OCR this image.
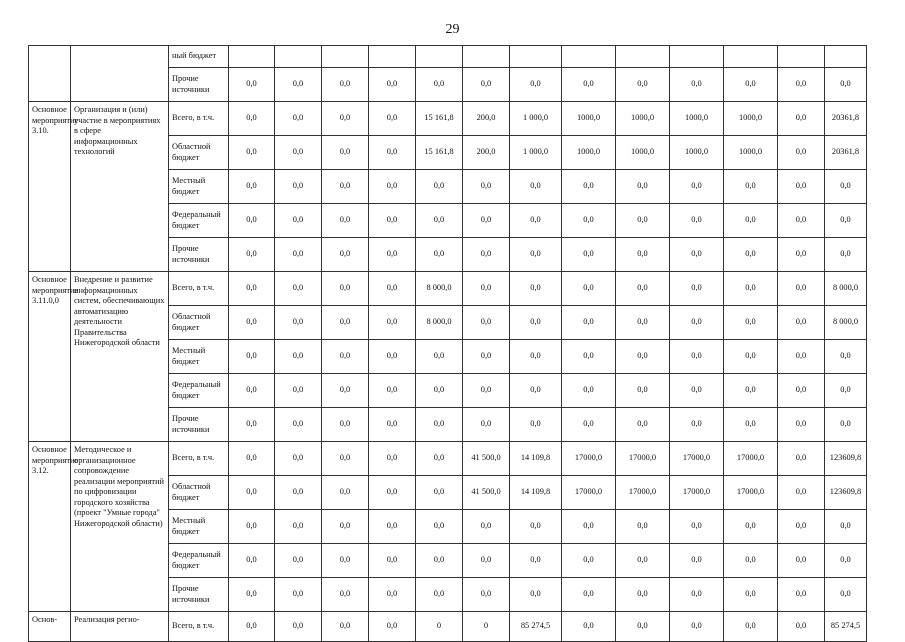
29
		ный бюджет													
		Прочие источники	0,0	0,0	0,0	0,0	0,0	0,0	0,0	0,0	0,0	0,0	0,0	0,0	0,0
Основное мероприятие 3.10.	Организация и (или) участие в мероприятиях в сфере информационных технологий	Всего, в т.ч.	0,0	0,0	0,0	0,0	15 161,8	200,0	1 000,0	1000,0	1000,0	1000,0	1000,0	0,0	20361,8
		Областной бюджет	0,0	0,0	0,0	0,0	15 161,8	200,0	1 000,0	1000,0	1000,0	1000,0	1000,0	0,0	20361,8
		Местный бюджет	0,0	0,0	0,0	0,0	0,0	0,0	0,0	0,0	0,0	0,0	0,0	0,0	0,0
		Федеральный бюджет	0,0	0,0	0,0	0,0	0,0	0,0	0,0	0,0	0,0	0,0	0,0	0,0	0,0
		Прочие источники	0,0	0,0	0,0	0,0	0,0	0,0	0,0	0,0	0,0	0,0	0,0	0,0	0,0
Основное мероприятие 3.11.0,0	Внедрение и развитие информационных систем, обеспечивающих автоматизацию деятельности Правительства Нижегородской области	Всего, в т.ч.	0,0	0,0	0,0	0,0	8 000,0	0,0	0,0	0,0	0,0	0,0	0,0	0,0	8 000,0
		Областной бюджет	0,0	0,0	0,0	0,0	8 000,0	0,0	0,0	0,0	0,0	0,0	0,0	0,0	8 000,0
		Местный бюджет	0,0	0,0	0,0	0,0	0,0	0,0	0,0	0,0	0,0	0,0	0,0	0,0	0,0
		Федеральный бюджет	0,0	0,0	0,0	0,0	0,0	0,0	0,0	0,0	0,0	0,0	0,0	0,0	0,0
		Прочие источники	0,0	0,0	0,0	0,0	0,0	0,0	0,0	0,0	0,0	0,0	0,0	0,0	0,0
Основное мероприятие 3.12.	Методическое и организационное сопровождение реализации мероприятий по цифровизации городского хозяйства (проект "Умные города" Нижегородской области)	Всего, в т.ч.	0,0	0,0	0,0	0,0	0,0	41 500,0	14 109,8	17000,0	17000,0	17000,0	17000,0	0,0	123609,8
		Областной бюджет	0,0	0,0	0,0	0,0	0,0	41 500,0	14 109,8	17000,0	17000,0	17000,0	17000,0	0,0	123609,8
		Местный бюджет	0,0	0,0	0,0	0,0	0,0	0,0	0,0	0,0	0,0	0,0	0,0	0,0	0,0
		Федеральный бюджет	0,0	0,0	0,0	0,0	0,0	0,0	0,0	0,0	0,0	0,0	0,0	0,0	0,0
		Прочие источники	0,0	0,0	0,0	0,0	0,0	0,0	0,0	0,0	0,0	0,0	0,0	0,0	0,0
Основ-	Реализация регио-	Всего, в т.ч.	0,0	0,0	0,0	0,0	0	0	85 274,5	0,0	0,0	0,0	0,0	0,0	85 274,5
